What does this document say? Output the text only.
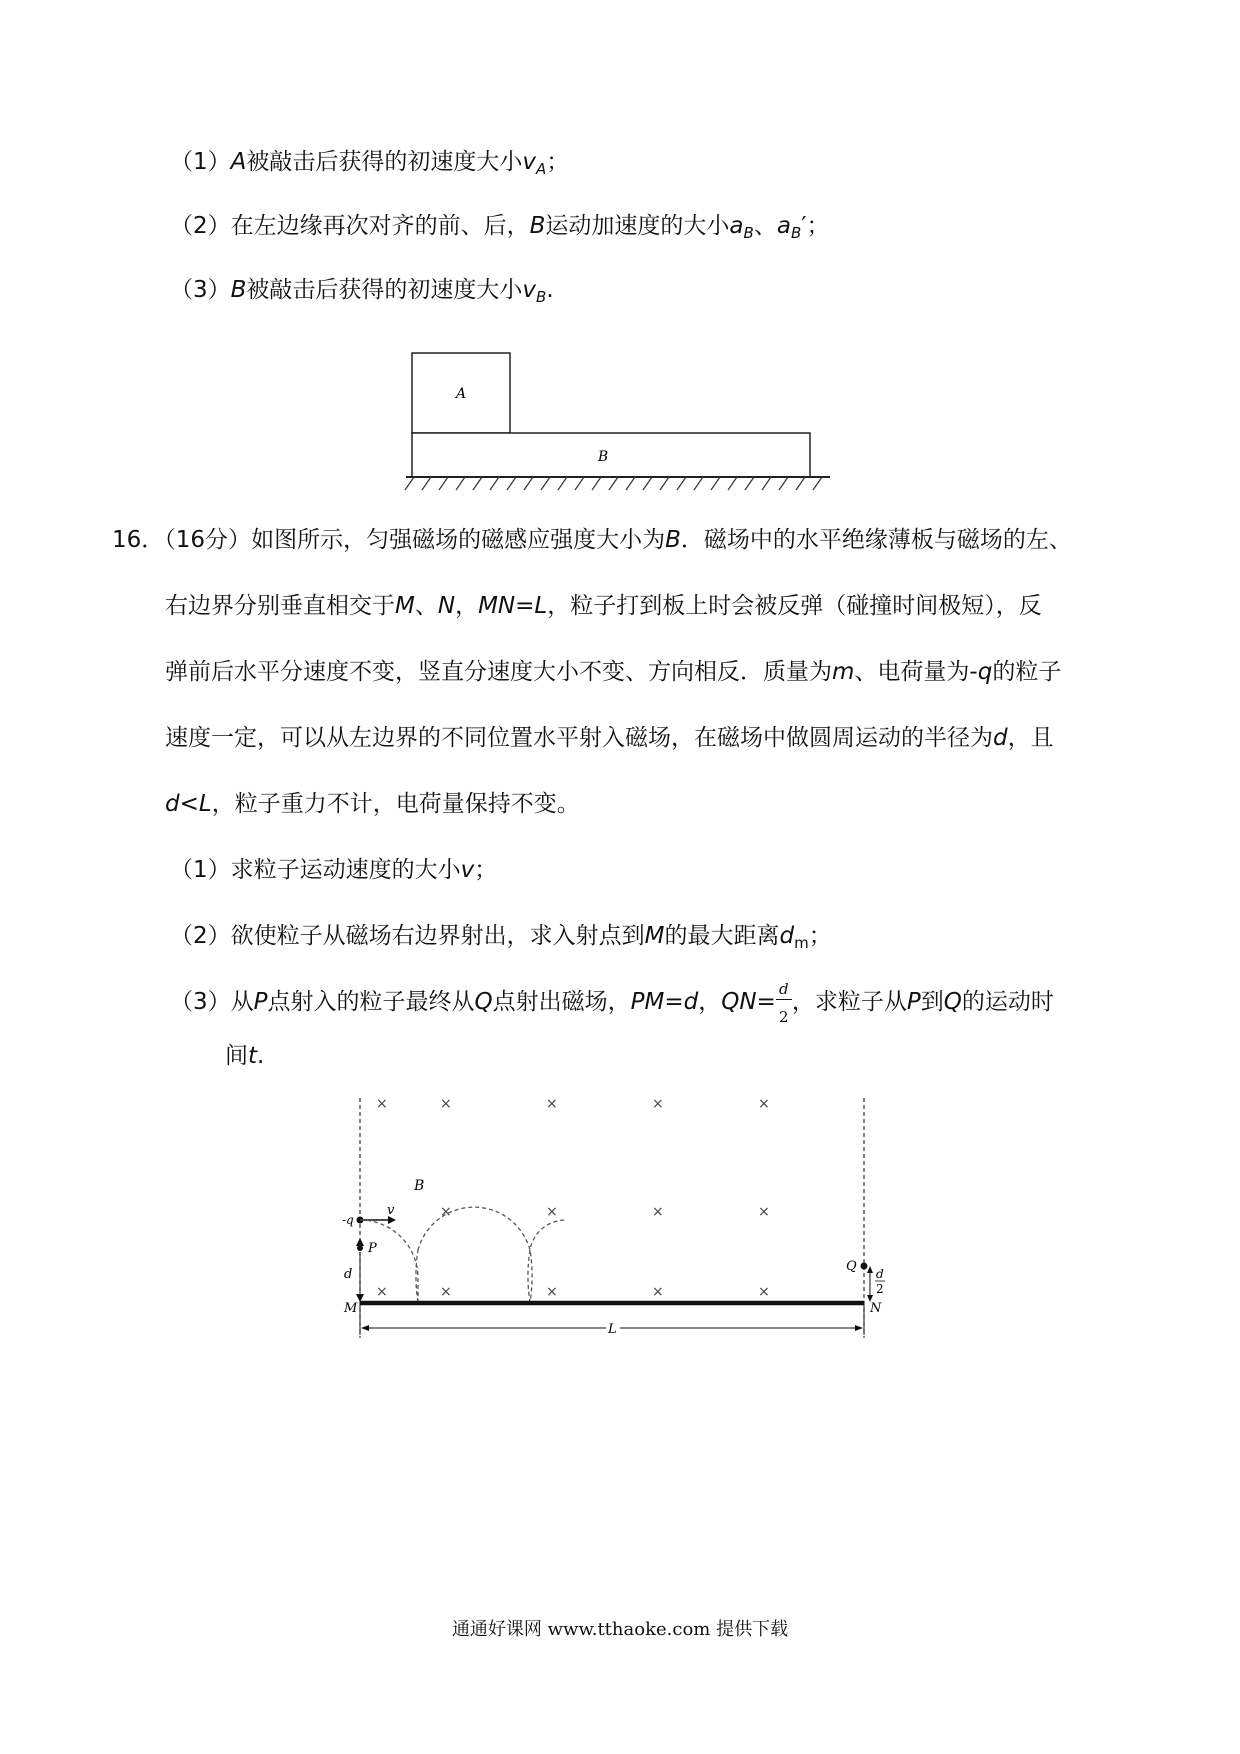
（1）A被敲击后获得的初速度大小$v_A$；
（2）在左边缘再次对齐的前、后，B运动加速度的大小$a_B$、$a_B'$；
（3）B被敲击后获得的初速度大小$v_B$.
A
B
16．（16分）如图所示，匀强磁场的磁感应强度大小为B．磁场中的水平绝缘薄板与磁场的左、
右边界分别垂直相交于M、N，MN=L，粒子打到板上时会被反弹（碰撞时间极短），反
弹前后水平分速度不变，竖直分速度大小不变、方向相反．质量为m、电荷量为-q的粒子
速度一定，可以从左边界的不同位置水平射入磁场，在磁场中做圆周运动的半径为d，且
d<L，粒子重力不计，电荷量保持不变。
（1）求粒子运动速度的大小v；
（2）欲使粒子从磁场右边界射出，求入射点到M的最大距离$d_m$；
（3）从P点射入的粒子最终从Q点射出磁场，PM=d，$QN= \frac{d}{2}$ ，求粒子从P到Q的运动时
间t.
×	×	×	×	×
×	×	×	×
×	×	×	×	×
B
v
-q
P
d
M	N
Q d
2
L
通通好课网 www.tthaoke.com 提供下载
